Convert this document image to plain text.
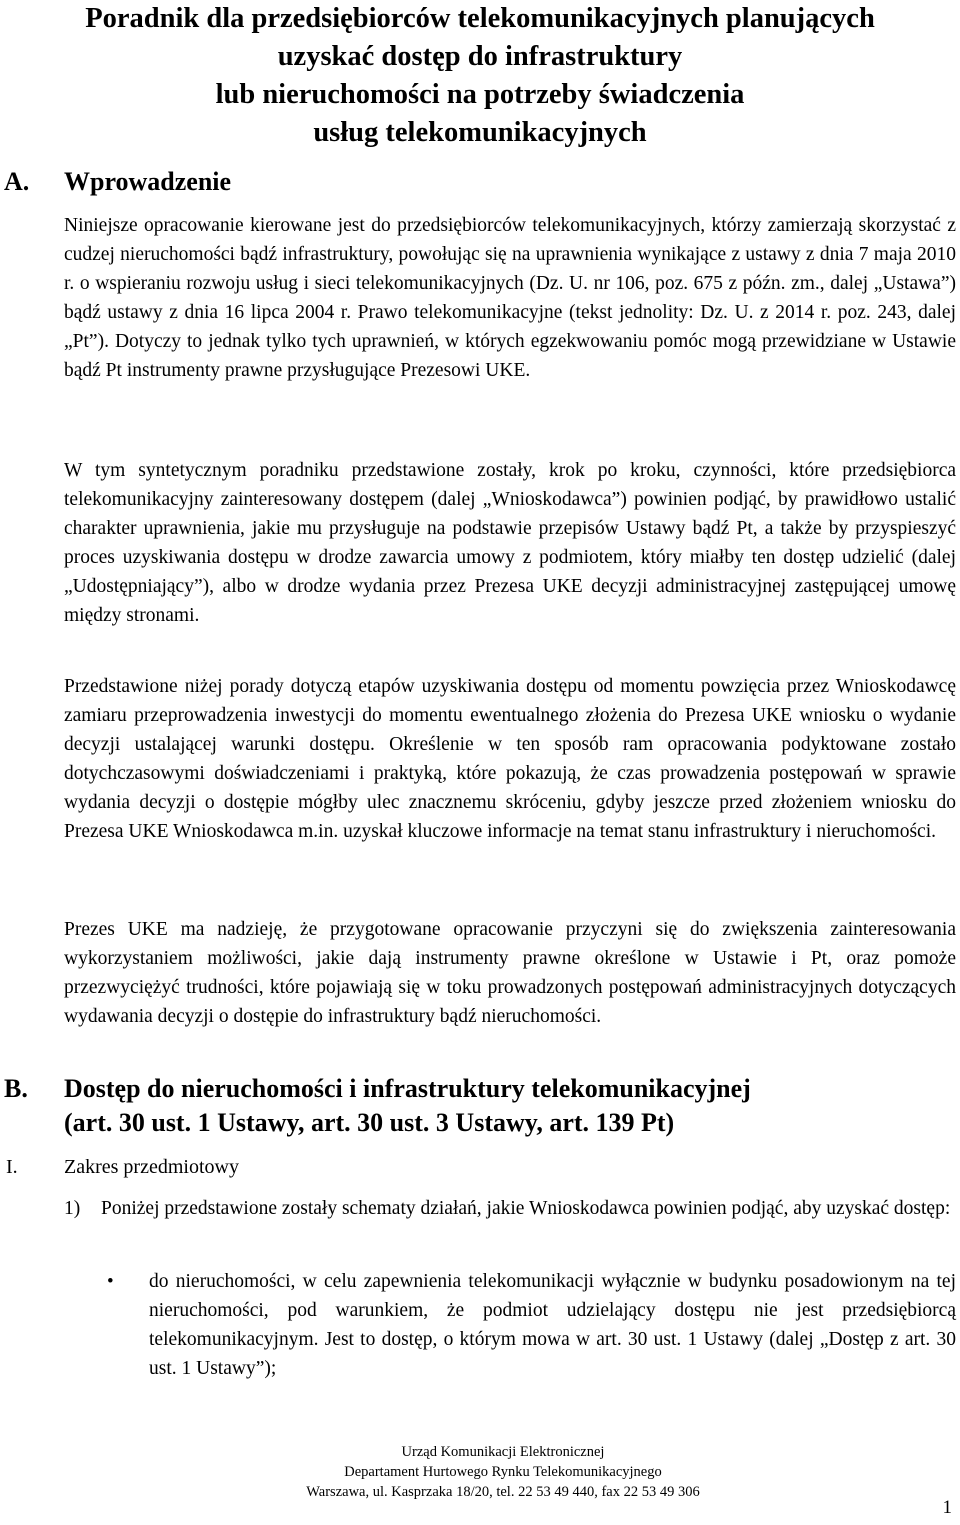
Poradnik dla przedsiębiorców telekomunikacyjnych planujących
uzyskać dostęp do infrastruktury
lub nieruchomości na potrzeby świadczenia
usług telekomunikacyjnych
A. Wprowadzenie

Niniejsze opracowanie kierowane jest do przedsiębiorców telekomunikacyjnych, którzy zamierzają skorzystać z cudzej nieruchomości bądź infrastruktury, powołując się na uprawnienia wynikające z ustawy z dnia 7 maja 2010 r. o wspieraniu rozwoju usług i sieci telekomunikacyjnych (Dz. U. nr 106, poz. 675 z późn. zm., dalej „Ustawa”) bądź ustawy z dnia 16 lipca 2004 r. Prawo telekomunikacyjne (tekst jednolity: Dz. U. z 2014 r. poz. 243, dalej „Pt”). Dotyczy to jednak tylko tych uprawnień, w których egzekwowaniu pomóc mogą przewidziane w Ustawie bądź Pt instrumenty prawne przysługujące Prezesowi UKE.

W tym syntetycznym poradniku przedstawione zostały, krok po kroku, czynności, które przedsiębiorca telekomunikacyjny zainteresowany dostępem (dalej „Wnioskodawca”) powinien podjąć, by prawidłowo ustalić charakter uprawnienia, jakie mu przysługuje na podstawie przepisów Ustawy bądź Pt, a także by przyspieszyć proces uzyskiwania dostępu w drodze zawarcia umowy z podmiotem, który miałby ten dostęp udzielić (dalej „Udostępniający”), albo w drodze wydania przez Prezesa UKE decyzji administracyjnej zastępującej umowę między stronami.

Przedstawione niżej porady dotyczą etapów uzyskiwania dostępu od momentu powzięcia przez Wnioskodawcę zamiaru przeprowadzenia inwestycji do momentu ewentualnego złożenia do Prezesa UKE wniosku o wydanie decyzji ustalającej warunki dostępu. Określenie w ten sposób ram opracowania podyktowane zostało dotychczasowymi doświadczeniami i praktyką, które pokazują, że czas prowadzenia postępowań w sprawie wydania decyzji o dostępie mógłby ulec znacznemu skróceniu, gdyby jeszcze przed złożeniem wniosku do Prezesa UKE Wnioskodawca m.in. uzyskał kluczowe informacje na temat stanu infrastruktury i nieruchomości.

Prezes UKE ma nadzieję, że przygotowane opracowanie przyczyni się do zwiększenia zainteresowania wykorzystaniem możliwości, jakie dają instrumenty prawne określone w Ustawie i Pt, oraz pomoże przezwyciężyć trudności, które pojawiają się w toku prowadzonych postępowań administracyjnych dotyczących wydawania decyzji o dostępie do infrastruktury bądź nieruchomości.

B. Dostęp do nieruchomości i infrastruktury telekomunikacyjnej
(art. 30 ust. 1 Ustawy, art. 30 ust. 3 Ustawy, art. 139 Pt)
I. Zakres przedmiotowy
1) Poniżej przedstawione zostały schematy działań, jakie Wnioskodawca powinien podjąć, aby uzyskać dostęp:
• do nieruchomości, w celu zapewnienia telekomunikacji wyłącznie w budynku posadowionym na tej nieruchomości, pod warunkiem, że podmiot udzielający dostępu nie jest przedsiębiorcą telekomunikacyjnym. Jest to dostęp, o którym mowa w art. 30 ust. 1 Ustawy (dalej „Dostęp z art. 30 ust. 1 Ustawy”);

Urząd Komunikacji Elektronicznej
Departament Hurtowego Rynku Telekomunikacyjnego
Warszawa, ul. Kasprzaka 18/20, tel. 22 53 49 440, fax 22 53 49 306
1
